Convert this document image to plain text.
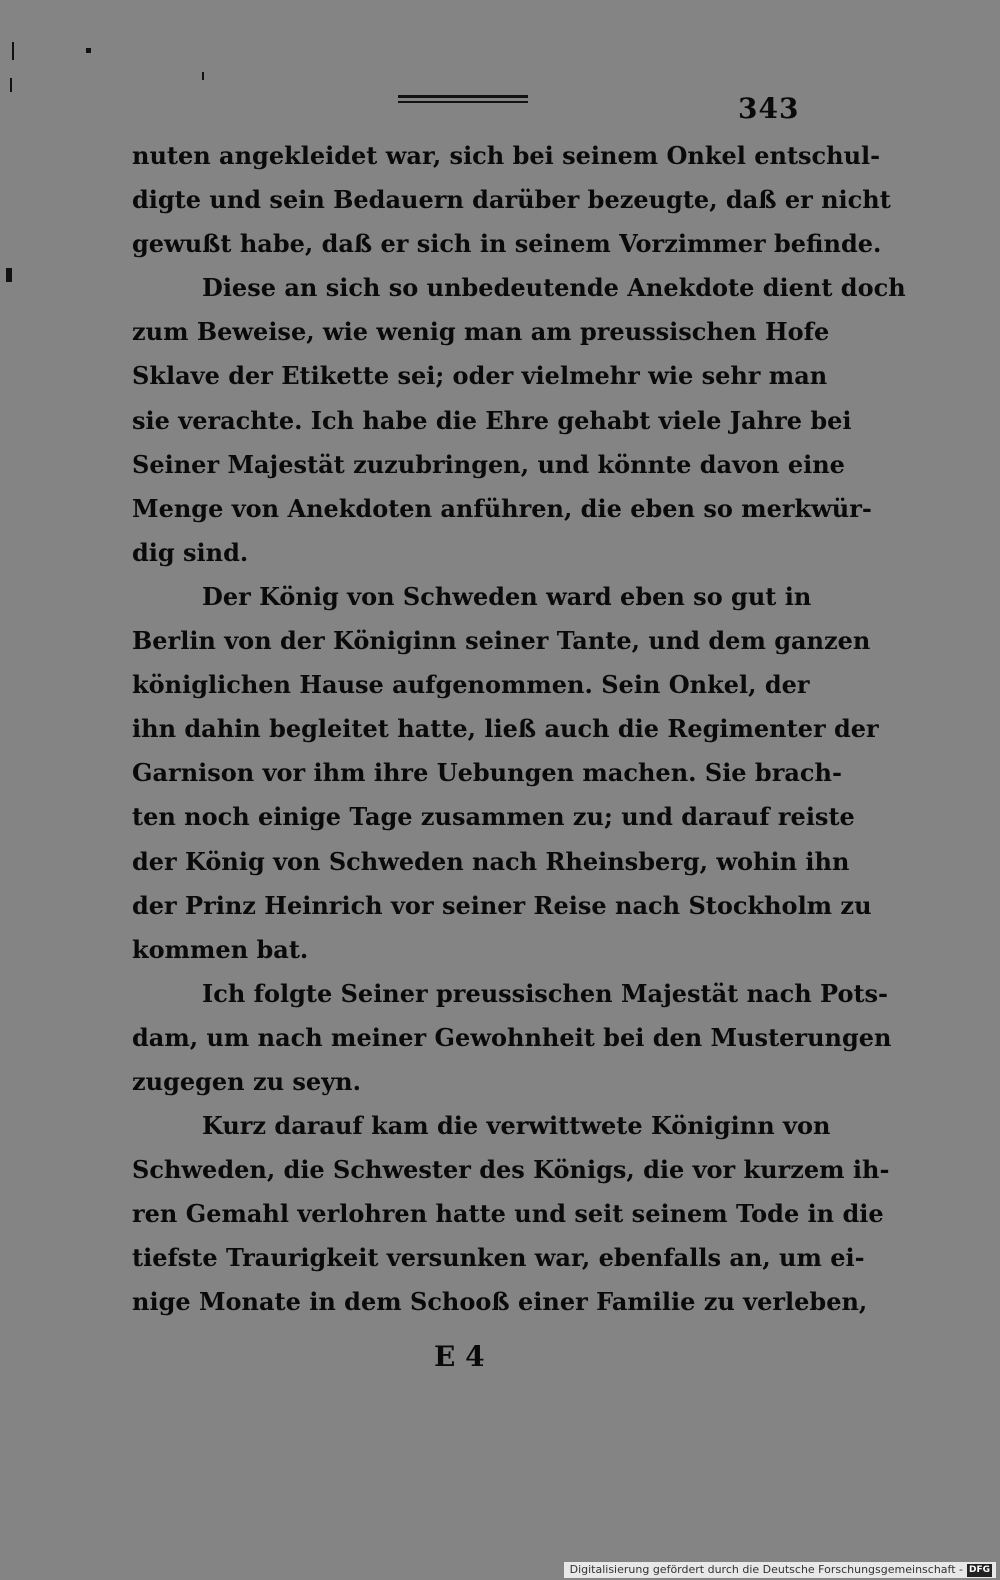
343
nuten angekleidet war, sich bei seinem Onkel entschul-
digte und sein Bedauern darüber bezeugte, daß er nicht
gewußt habe, daß er sich in seinem Vorzimmer befinde.
Diese an sich so unbedeutende Anekdote dient doch
zum Beweise, wie wenig man am preussischen Hofe
Sklave der Etikette sei; oder vielmehr wie sehr man
sie verachte. Ich habe die Ehre gehabt viele Jahre bei
Seiner Majestät zuzubringen, und könnte davon eine
Menge von Anekdoten anführen, die eben so merkwür-
dig sind.
Der König von Schweden ward eben so gut in
Berlin von der Königinn seiner Tante, und dem ganzen
königlichen Hause aufgenommen. Sein Onkel, der
ihn dahin begleitet hatte, ließ auch die Regimenter der
Garnison vor ihm ihre Uebungen machen. Sie brach-
ten noch einige Tage zusammen zu; und darauf reiste
der König von Schweden nach Rheinsberg, wohin ihn
der Prinz Heinrich vor seiner Reise nach Stockholm zu
kommen bat.
Ich folgte Seiner preussischen Majestät nach Pots-
dam, um nach meiner Gewohnheit bei den Musterungen
zugegen zu seyn.
Kurz darauf kam die verwittwete Königinn von
Schweden, die Schwester des Königs, die vor kurzem ih-
ren Gemahl verlohren hatte und seit seinem Tode in die
tiefste Traurigkeit versunken war, ebenfalls an, um ei-
nige Monate in dem Schooß einer Familie zu verleben,
E 4
Digitalisierung gefördert durch die Deutsche Forschungsgemeinschaft - DFG
